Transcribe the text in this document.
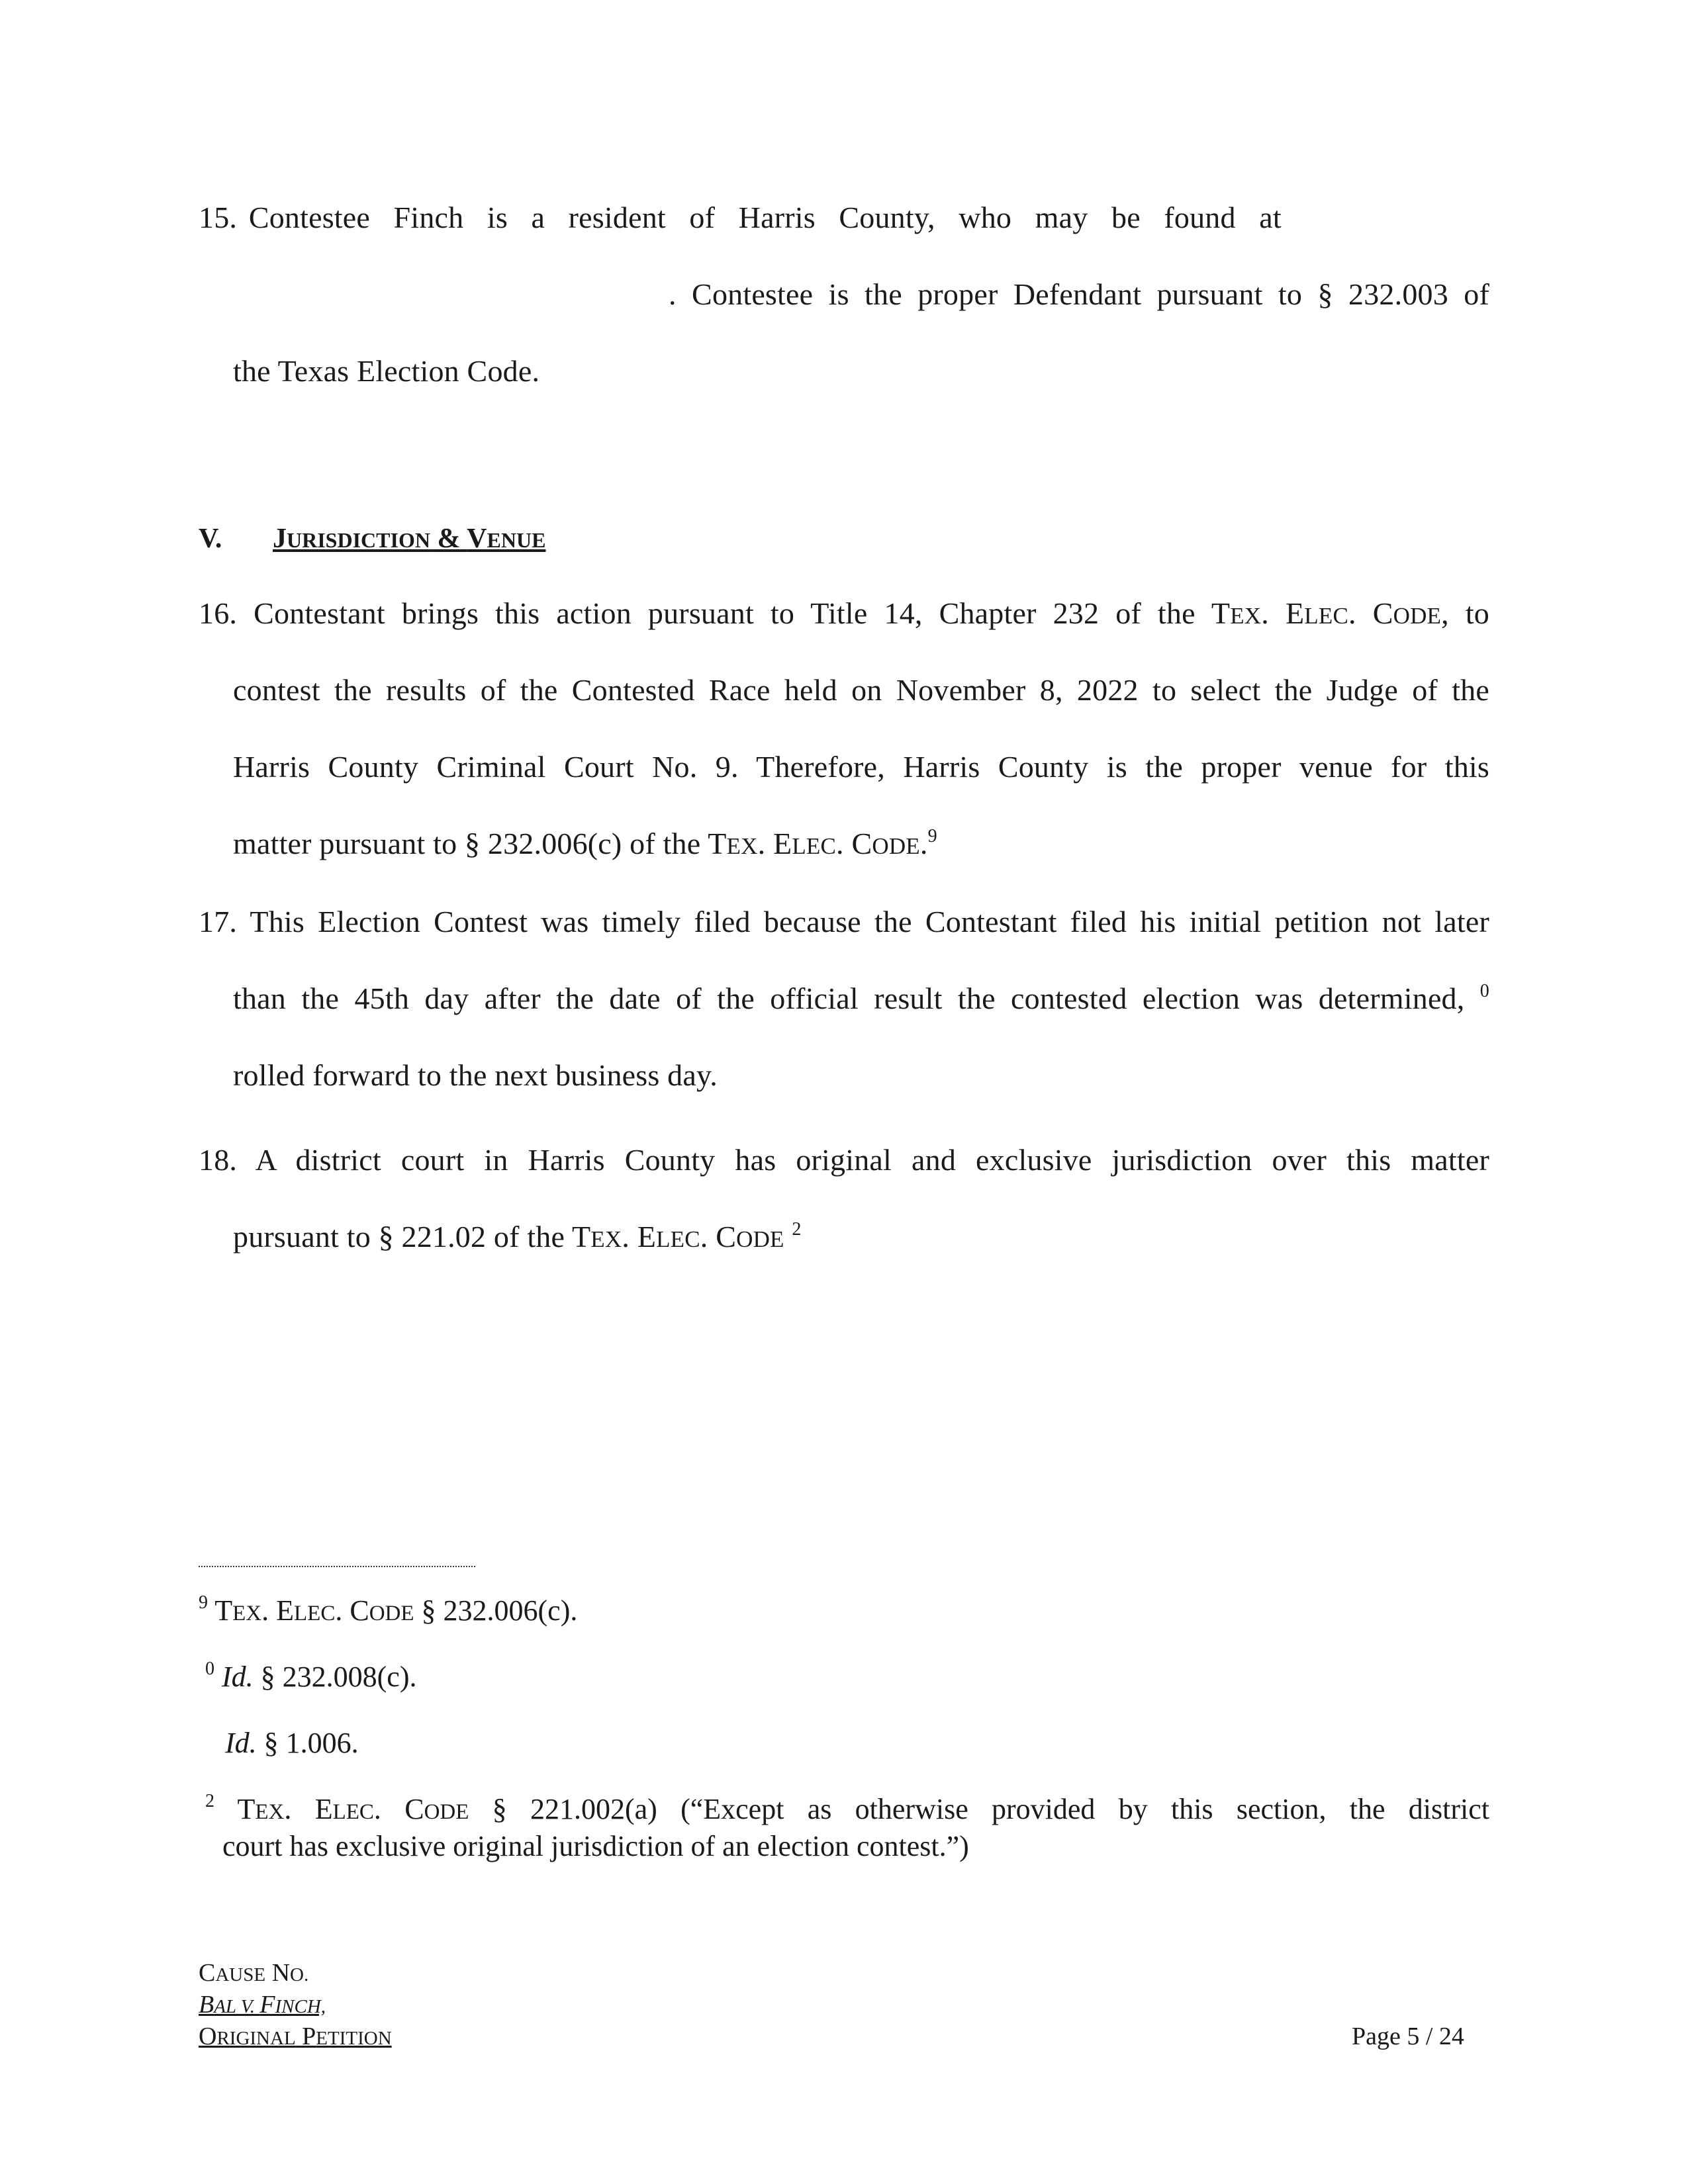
15. Contestee Finch is a resident of Harris County, who may be found at
. Contestee is the proper Defendant pursuant to § 232.003 of
the Texas Election Code.
V. JURISDICTION & VENUE
16. Contestant brings this action pursuant to Title 14, Chapter 232 of the TEX. ELEC. CODE, to
contest the results of the Contested Race held on November 8, 2022 to select the Judge of the
Harris County Criminal Court No. 9. Therefore, Harris County is the proper venue for this
matter pursuant to § 232.006(c) of the TEX. ELEC. CODE.$^9$
17. This Election Contest was timely filed because the Contestant filed his initial petition not later
than the 45th day after the date of the official result the contested election was determined, $^0$
rolled forward to the next business day.
18. A district court in Harris County has original and exclusive jurisdiction over this matter
pursuant to § 221.02 of the TEX. ELEC. CODE $^2$
$^9$ TEX. ELEC. CODE § 232.006(c).
$^0$ Id. § 232.008(c).
Id. § 1.006.
$^2$ TEX. ELEC. CODE § 221.002(a) (“Except as otherwise provided by this section, the district
court has exclusive original jurisdiction of an election contest.”)
CAUSE NO.
BAL V. FINCH,
ORIGINAL PETITION	Page 5 / 24
